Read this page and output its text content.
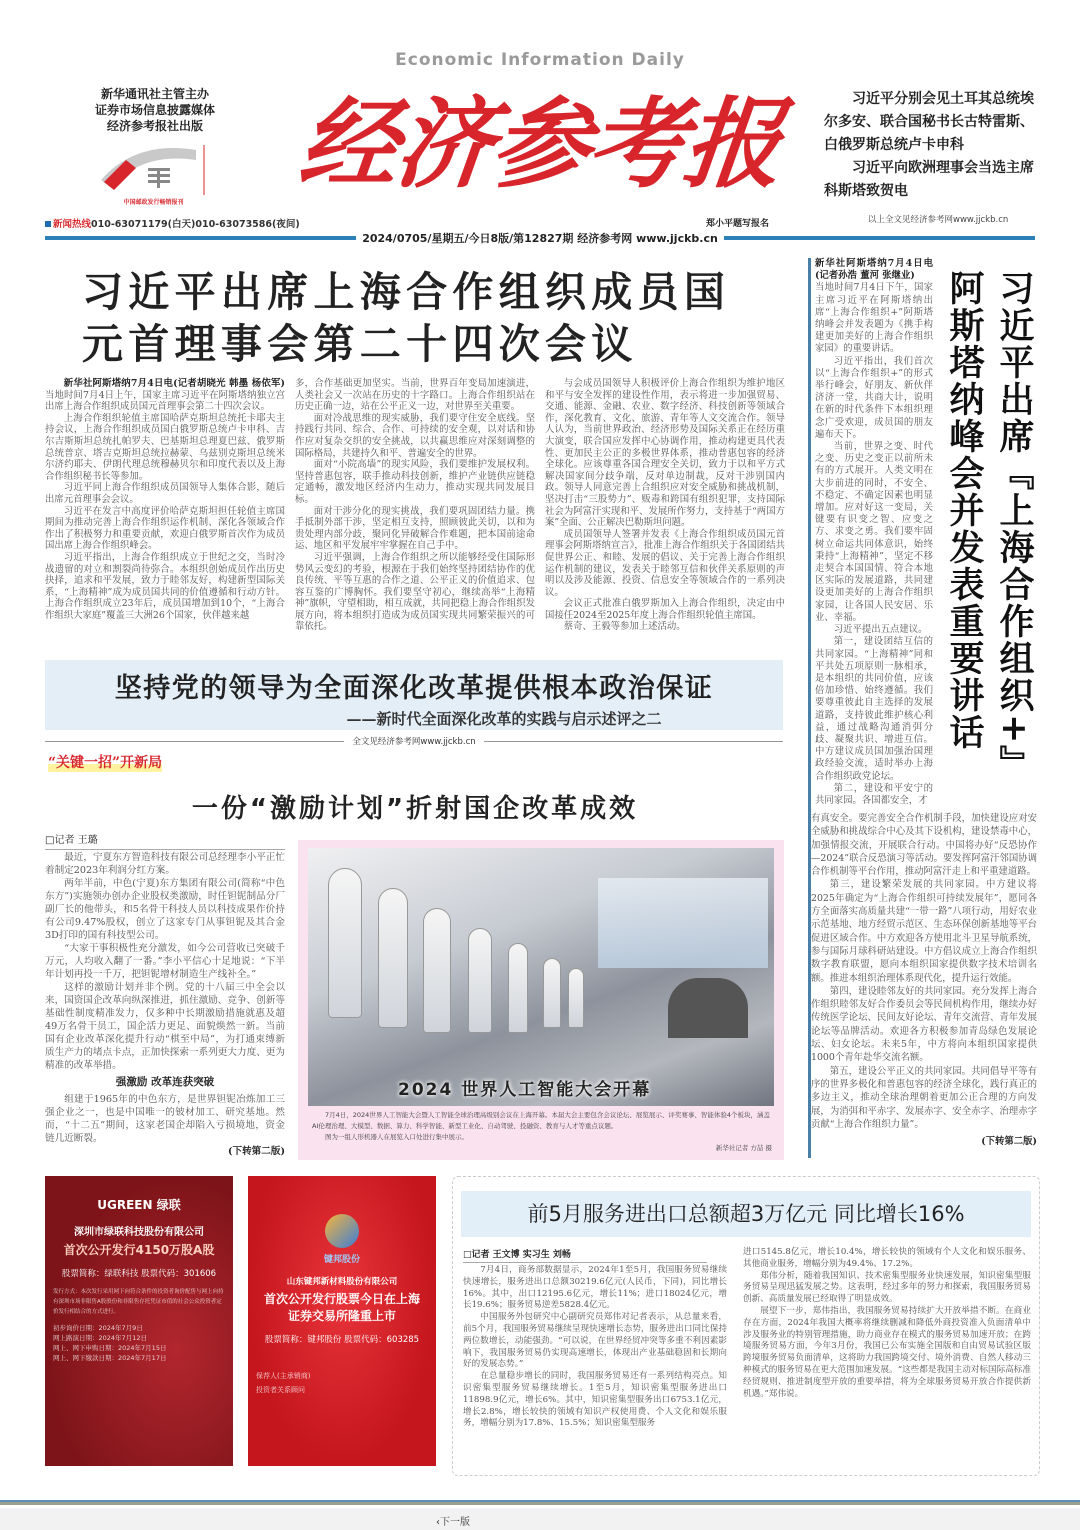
Economic Information Daily
新华通讯社主管主办
证券市场信息披露媒体
经济参考报社出版
中国邮政发行畅销报刊
经济参考报	习近平分别会见土耳其总统埃尔多安、联合国秘书长古特雷斯、白俄罗斯总统卢卡申科
习近平向欧洲理事会当选主席科斯塔致贺电
以上全文见经济参考网www.jjckb.cn
新闻热线010-63071179(白天)010-63073586(夜间)	郑小平题写报名
2024/0705/星期五/今日8版/第12827期 经济参考网 www.jjckb.cn
习近平出席上海合作组织成员国
元首理事会第二十四次会议

新华社阿斯塔纳7月4日电(记者胡晓光 韩墨 杨依军)当地时间7月4日上午，国家主席习近平在阿斯塔纳独立宫出席上海合作组织成员国元首理事会第二十四次会议。

上海合作组织轮值主席国哈萨克斯坦总统托卡耶夫主持会议，上海合作组织成员国白俄罗斯总统卢卡申科、吉尔吉斯斯坦总统扎帕罗夫、巴基斯坦总理夏巴兹、俄罗斯总统普京、塔吉克斯坦总统拉赫蒙、乌兹别克斯坦总统米尔济约耶夫、伊朗代理总统穆赫贝尔和印度代表以及上海合作组织秘书长等参加。

习近平同上海合作组织成员国领导人集体合影，随后出席元首理事会会议。

习近平在发言中高度评价哈萨克斯坦担任轮值主席国期间为推动完善上海合作组织运作机制、深化各领域合作作出了积极努力和重要贡献，欢迎白俄罗斯首次作为成员国出席上海合作组织峰会。

习近平指出，上海合作组织成立于世纪之交，当时冷战遗留的对立和割裂尚待弥合。本组织创始成员作出历史抉择，追求和平发展，致力于睦邻友好，构建新型国际关系，“上海精神”成为成员国共同的价值遵循和行动方针。上海合作组织成立23年后，成员国增加到10个，“上海合作组织大家庭”覆盖三大洲26个国家，伙伴越来越

多，合作基础更加坚实。当前，世界百年变局加速演进，人类社会又一次站在历史的十字路口。上海合作组织站在历史正确一边，站在公平正义一边，对世界至关重要。

面对冷战思维的现实威胁，我们要守住安全底线。坚持践行共同、综合、合作、可持续的安全观，以对话和协作应对复杂交织的安全挑战，以共赢思维应对深刻调整的国际格局，共建持久和平、普遍安全的世界。

面对“小院高墙”的现实风险，我们要维护发展权利。坚持普惠包容，联手推动科技创新，维护产业链供应链稳定通畅，激发地区经济内生动力，推动实现共同发展目标。

面对干涉分化的现实挑战，我们要巩固团结力量。携手抵制外部干涉，坚定相互支持，照顾彼此关切，以和为贵处理内部分歧，聚同化异破解合作难题，把本国前途命运、地区和平发展牢牢掌握在自己手中。

习近平强调，上海合作组织之所以能够经受住国际形势风云变幻的考验，根源在于我们始终坚持团结协作的优良传统、平等互惠的合作之道、公平正义的价值追求、包容互鉴的广博胸怀。我们要坚守初心，继续高举“上海精神”旗帜，守望相助，相互成就，共同把稳上海合作组织发展方向，将本组织打造成为成员国实现共同繁荣振兴的可靠依托。

与会成员国领导人积极评价上海合作组织为维护地区和平与安全发挥的建设性作用，表示将进一步加强贸易、交通、能源、金融、农业、数字经济、科技创新等领域合作，深化教育、文化、旅游、青年等人文交流合作。领导人认为，当前世界政治、经济形势及国际关系正在经历重大演变，联合国应发挥中心协调作用，推动构建更具代表性、更加民主公正的多极世界体系，推动普惠包容的经济全球化。应该尊重各国合理安全关切，致力于以和平方式解决国家间分歧争端，反对单边制裁，反对干涉别国内政。领导人同意完善上合组织应对安全威胁和挑战机制，坚决打击“三股势力”、贩毒和跨国有组织犯罪，支持国际社会为阿富汗实现和平、发展所作努力，支持基于“两国方案”全面、公正解决巴勒斯坦问题。

成员国领导人签署并发表《上海合作组织成员国元首理事会阿斯塔纳宣言》，批准上海合作组织关于各国团结共促世界公正、和睦、发展的倡议、关于完善上海合作组织运作机制的建议，发表关于睦邻互信和伙伴关系原则的声明以及涉及能源、投资、信息安全等领域合作的一系列决议。

会议正式批准白俄罗斯加入上海合作组织，决定由中国接任2024至2025年度上海合作组织轮值主席国。

蔡奇、王毅等参加上述活动。

新华社阿斯塔纳7月4日电(记者孙浩 董河 张继业)

当地时间7月4日下午，国家主席习近平在阿斯塔纳出席“上海合作组织+”阿斯塔纳峰会并发表题为《携手构建更加美好的上海合作组织家园》的重要讲话。

习近平指出，我们首次以“上海合作组织+”的形式举行峰会，好朋友、新伙伴济济一堂，共商大计，说明在新的时代条件下本组织理念广受欢迎，成员国的朋友遍布天下。

当前，世界之变、时代之变、历史之变正以前所未有的方式展开。人类文明在大步前进的同时，不安全、不稳定、不确定因素也明显增加。应对好这一变局，关键要有识变之智、应变之方、求变之勇。我们要牢固树立命运共同体意识，始终秉持“上海精神”，坚定不移走契合本国国情、符合本地区实际的发展道路，共同建设更加美好的上海合作组织家园，让各国人民安居、乐业、幸福。

习近平提出五点建议。

第一，建设团结互信的共同家园。“上海精神”同和平共处五项原则一脉相承，是本组织的共同价值，应该倍加珍惜、始终遵循。我们要尊重彼此自主选择的发展道路，支持彼此维护核心利益，通过战略沟通消弭分歧、凝聚共识、增进互信。中方建议成员国加强治国理政经验交流，适时举办上海合作组织政党论坛。

第二，建设和平安宁的共同家园。各国都安全，才

习近平出席『上海合作组织+』
阿斯塔纳峰会并发表重要讲话

有真安全。要完善安全合作机制手段，加快建设应对安全威胁和挑战综合中心及其下设机构，建设禁毒中心，加强情报交流，开展联合行动。中国将办好“反恐协作—2024”联合反恐演习等活动。要发挥阿富汗邻国协调合作机制等平台作用，推动阿富汗走上和平重建道路。

第三，建设繁荣发展的共同家园。中方建议将2025年确定为“上海合作组织可持续发展年”，愿同各方全面落实高质量共建“一带一路”八项行动，用好农业示范基地、地方经贸示范区、生态环保创新基地等平台促进区域合作。中方欢迎各方使用北斗卫星导航系统，参与国际月球科研站建设。中方倡议成立上海合作组织数字教育联盟，愿向本组织国家提供数字技术培训名额。推进本组织治理体系现代化，提升运行效能。

第四，建设睦邻友好的共同家园。充分发挥上海合作组织睦邻友好合作委员会等民间机构作用，继续办好传统医学论坛、民间友好论坛、青年交流营、青年发展论坛等品牌活动。欢迎各方积极参加青岛绿色发展论坛、妇女论坛。未来5年，中方将向本组织国家提供1000个青年赴华交流名额。

第五，建设公平正义的共同家园。共同倡导平等有序的世界多极化和普惠包容的经济全球化，践行真正的多边主义，推动全球治理朝着更加公正合理的方向发展，为消弭和平赤字、发展赤字、安全赤字、治理赤字贡献“上海合作组织力量”。

(下转第二版)

坚持党的领导为全面深化改革提供根本政治保证
——新时代全面深化改革的实践与启示述评之二
全文见经济参考网www.jjckb.cn
“关键一招”开新局
一份“激励计划”折射国企改革成效
□记者 王璐

最近，宁夏东方智造科技有限公司总经理李小平正忙着制定2023年利润分红方案。

两年半前，中色(宁夏)东方集团有限公司(简称“中色东方”)实施领办创办企业股权类激励，时任钽铌制品分厂副厂长的他带头，和5名骨干科技人员以科技成果作价持有公司9.47%股权，创立了这家专门从事钽铌及其合金3D打印的国有科技型公司。

“大家干事积极性充分激发，如今公司营收已突破千万元，人均收入翻了一番。”李小平信心十足地说：“下半年计划再投一千万，把钽铌增材制造生产线补全。”

这样的激励计划并非个例。党的十八届三中全会以来，国资国企改革向纵深推进，抓住激励、竞争、创新等基础性制度精准发力，仅多种中长期激励措施就惠及超49万名骨干员工，国企活力更足、面貌焕然一新。当前国有企业改革深化提升行动“棋至中局”，为打通束缚新质生产力的堵点卡点，正加快探索一系列更大力度、更为精准的改革举措。

强激励 改革连获突破

组建于1965年的中色东方，是世界钽铌冶炼加工三强企业之一，也是中国唯一的铍材加工、研究基地。然而，“十二五”期间，这家老国企却陷入亏损境地，资金链几近断裂。

(下转第二版)
2024 世界人工智能大会开幕

7月4日，2024世界人工智能大会暨人工智能全球治理高级别会议在上海开幕。本届大会主要包含会议论坛、展览展示、评奖赛事、智能体验4个板块，涵盖AI伦理治理、大模型、数据、算力、科学智能、新型工业化、自动驾驶、投融资、教育与人才等重点议题。

图为一组人形机器人在展览入口处进行集中展示。

新华社记者 方喆 摄
UGREEN 绿联
深圳市绿联科技股份有限公司
首次公开发行4150万股A股
股票简称：绿联科技 股票代码：301606
发行方式：本次发行采用网下向符合条件的投资者询价配售与网上向持有深圳市场非限售A股股份和非限售存托凭证市值的社会公众投资者定价发行相结合的方式进行。
初步询价日期：2024年7月9日
网上路演日期：2024年7月12日
网上、网下申购日期：2024年7月15日
网上、网下缴款日期：2024年7月17日
键邦股份
山东键邦新材料股份有限公司
首次公开发行股票今日在上海证券交易所隆重上市
股票简称：键邦股份 股票代码：603285
保荐人(主承销商)
投资者关系顾问
前5月服务进出口总额超3万亿元 同比增长16%
□记者 王文博 实习生 刘畅

7月4日，商务部数据显示，2024年1至5月，我国服务贸易继续快速增长，服务进出口总额30219.6亿元(人民币，下同)，同比增长16%。其中，出口12195.6亿元，增长11%；进口18024亿元，增长19.6%；服务贸易逆差5828.4亿元。

中国服务外包研究中心副研究员郑伟对记者表示，从总量来看，前5个月，我国服务贸易继续呈现快速增长态势，服务进出口同比保持两位数增长，动能强劲。“可以说，在世界经贸冲突等多重不利因素影响下，我国服务贸易仍实现高速增长，体现出产业基础稳固和长期向好的发展态势。”

在总量稳步增长的同时，我国服务贸易还有一系列结构亮点。知识密集型服务贸易继续增长。1至5月，知识密集型服务进出口11898.9亿元，增长6%。其中，知识密集型服务出口6753.1亿元，增长2.8%，增长较快的领域有知识产权使用费、个人文化和娱乐服务，增幅分别为17.8%、15.5%；知识密集型服务

进口5145.8亿元，增长10.4%，增长较快的领域有个人文化和娱乐服务、其他商业服务，增幅分别为49.4%、17.2%。

郑伟分析，随着我国知识、技术密集型服务业快速发展，知识密集型服务贸易呈现迅猛发展之势。这表明，经过多年的努力和探索，我国服务贸易创新、高质量发展已经取得了明显成效。

展望下一步，郑伟指出，我国服务贸易持续扩大开放举措不断。在商业存在方面，2024年我国大概率将继续删减和降低外商投资准入负面清单中涉及服务业的特别管理措施，助力商业存在模式的服务贸易加速开放；在跨境服务贸易方面，今年3月份，我国已公布实施全国版和自由贸易试验区版跨境服务贸易负面清单，这将助力我国跨境交付、境外消费、自然人移动三种模式的服务贸易在更大范围加速发展。“这些都是我国主动对标国际高标准经贸规则、推进制度型开放的重要举措，将为全球服务贸易开放合作提供新机遇。”郑伟说。

‹下一版
